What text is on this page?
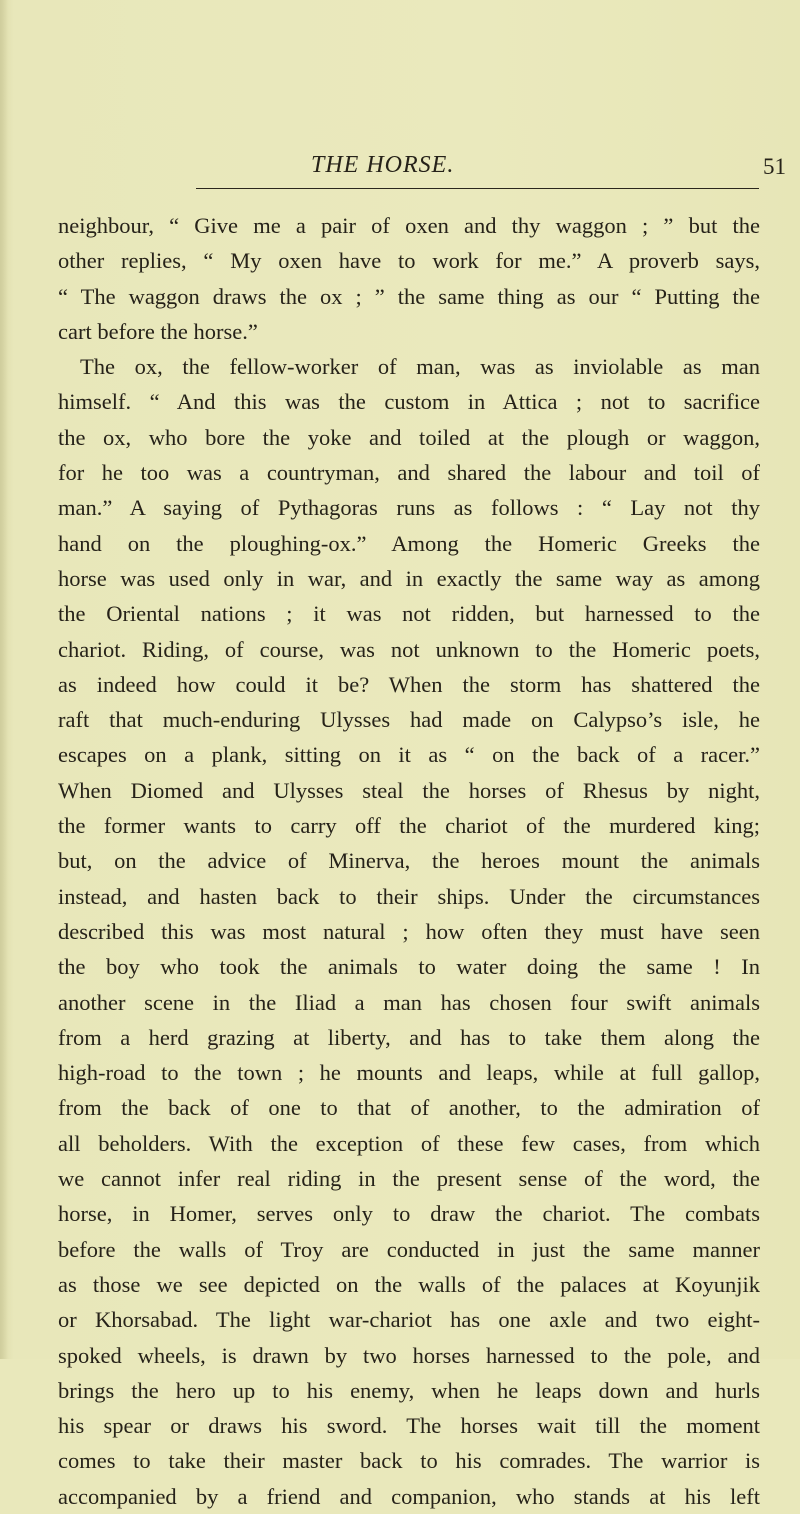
THE HORSE.	51
neighbour, “ Give me a pair of oxen and thy waggon ; ” but the
other replies, “ My oxen have to work for me.” A proverb says,
“ The waggon draws the ox ; ” the same thing as our “ Putting the
cart before the horse.”
The ox, the fellow-worker of man, was as inviolable as man
himself. “ And this was the custom in Attica ; not to sacrifice
the ox, who bore the yoke and toiled at the plough or waggon,
for he too was a countryman, and shared the labour and toil of
man.” A saying of Pythagoras runs as follows : “ Lay not thy
hand on the ploughing-ox.” Among the Homeric Greeks the
horse was used only in war, and in exactly the same way as among
the Oriental nations ; it was not ridden, but harnessed to the
chariot. Riding, of course, was not unknown to the Homeric poets,
as indeed how could it be? When the storm has shattered the
raft that much-enduring Ulysses had made on Calypso’s isle, he
escapes on a plank, sitting on it as “ on the back of a racer.”
When Diomed and Ulysses steal the horses of Rhesus by night,
the former wants to carry off the chariot of the murdered king;
but, on the advice of Minerva, the heroes mount the animals
instead, and hasten back to their ships. Under the circumstances
described this was most natural ; how often they must have seen
the boy who took the animals to water doing the same ! In
another scene in the Iliad a man has chosen four swift animals
from a herd grazing at liberty, and has to take them along the
high-road to the town ; he mounts and leaps, while at full gallop,
from the back of one to that of another, to the admiration of
all beholders. With the exception of these few cases, from which
we cannot infer real riding in the present sense of the word, the
horse, in Homer, serves only to draw the chariot. The combats
before the walls of Troy are conducted in just the same manner
as those we see depicted on the walls of the palaces at Koyunjik
or Khorsabad. The light war-chariot has one axle and two eight-
spoked wheels, is drawn by two horses harnessed to the pole, and
brings the hero up to his enemy, when he leaps down and hurls
his spear or draws his sword. The horses wait till the moment
comes to take their master back to his comrades. The warrior is
accompanied by a friend and companion, who stands at his left
